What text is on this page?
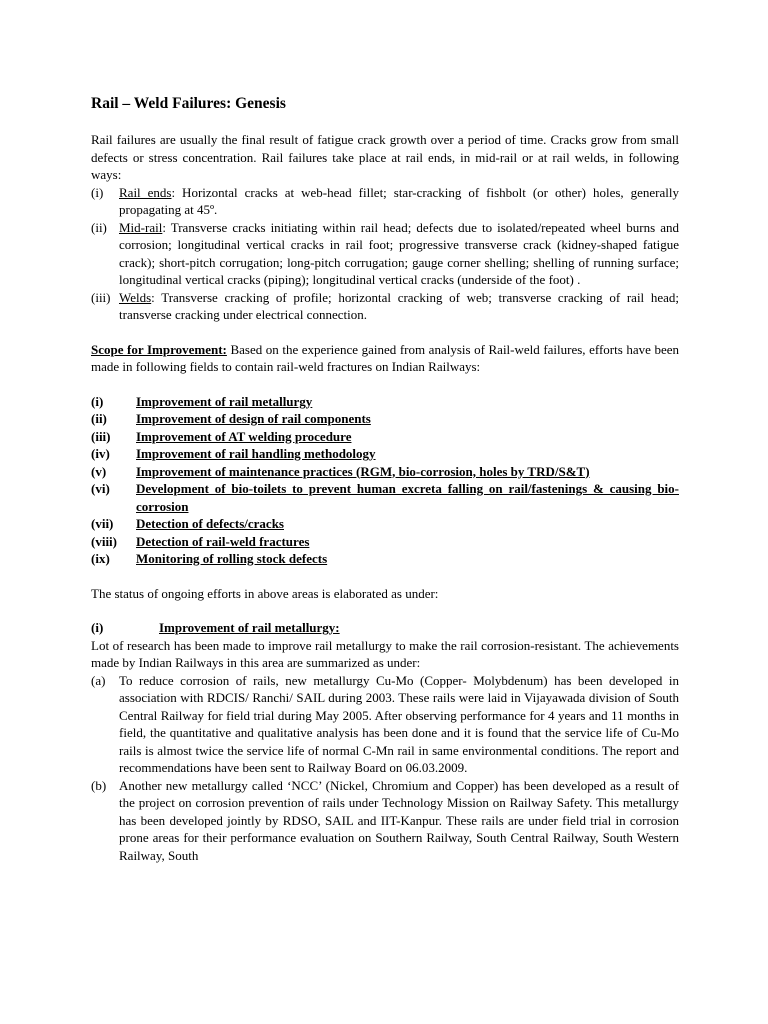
Rail – Weld Failures: Genesis

Rail failures are usually the final result of fatigue crack growth over a period of time. Cracks grow from small defects or stress concentration. Rail failures take place at rail ends, in mid-rail or at rail welds, in following ways:

(i)	Rail ends: Horizontal cracks at web-head fillet; star-cracking of fishbolt (or other) holes, generally propagating at 45º.
(ii) Mid-rail: Transverse cracks initiating within rail head; defects due to isolated/repeated wheel burns and corrosion; longitudinal vertical cracks in rail foot; progressive transverse crack (kidney-shaped fatigue crack); short-pitch corrugation; long-pitch corrugation; gauge corner shelling; shelling of running surface; longitudinal vertical cracks (piping); longitudinal vertical cracks (underside of the foot) .
(iii) Welds: Transverse cracking of profile; horizontal cracking of web; transverse cracking of rail head; transverse cracking under electrical connection.

Scope for Improvement: Based on the experience gained from analysis of Rail-weld failures, efforts have been made in following fields to contain rail-weld fractures on Indian Railways:

(i)	Improvement of rail metallurgy
(ii)	Improvement of design of rail components
(iii)	Improvement of AT welding procedure
(iv)	Improvement of rail handling methodology
(v)	Improvement of maintenance practices (RGM, bio-corrosion, holes by TRD/S&T)
(vi)	Development of bio-toilets to prevent human excreta falling on rail/fastenings & causing bio-corrosion
(vii)	Detection of defects/cracks
(viii)	Detection of rail-weld fractures
(ix)	Monitoring of rolling stock defects

The status of ongoing efforts in above areas is elaborated as under:

(i)	Improvement of rail metallurgy:

Lot of research has been made to improve rail metallurgy to make the rail corrosion-resistant. The achievements made by Indian Railways in this area are summarized as under:

(a)	To reduce corrosion of rails, new metallurgy Cu-Mo (Copper- Molybdenum) has been developed in association with RDCIS/ Ranchi/ SAIL during 2003. These rails were laid in Vijayawada division of South Central Railway for field trial during May 2005. After observing performance for 4 years and 11 months in field, the quantitative and qualitative analysis has been done and it is found that the service life of Cu-Mo rails is almost twice the service life of normal C-Mn rail in same environmental conditions. The report and recommendations have been sent to Railway Board on 06.03.2009.
(b) Another new metallurgy called ‘NCC’ (Nickel, Chromium and Copper) has been developed as a result of the project on corrosion prevention of rails under Technology Mission on Railway Safety. This metallurgy has been developed jointly by RDSO, SAIL and IIT-Kanpur. These rails are under field trial in corrosion prone areas for their performance evaluation on Southern Railway, South Central Railway, South Western Railway, South
